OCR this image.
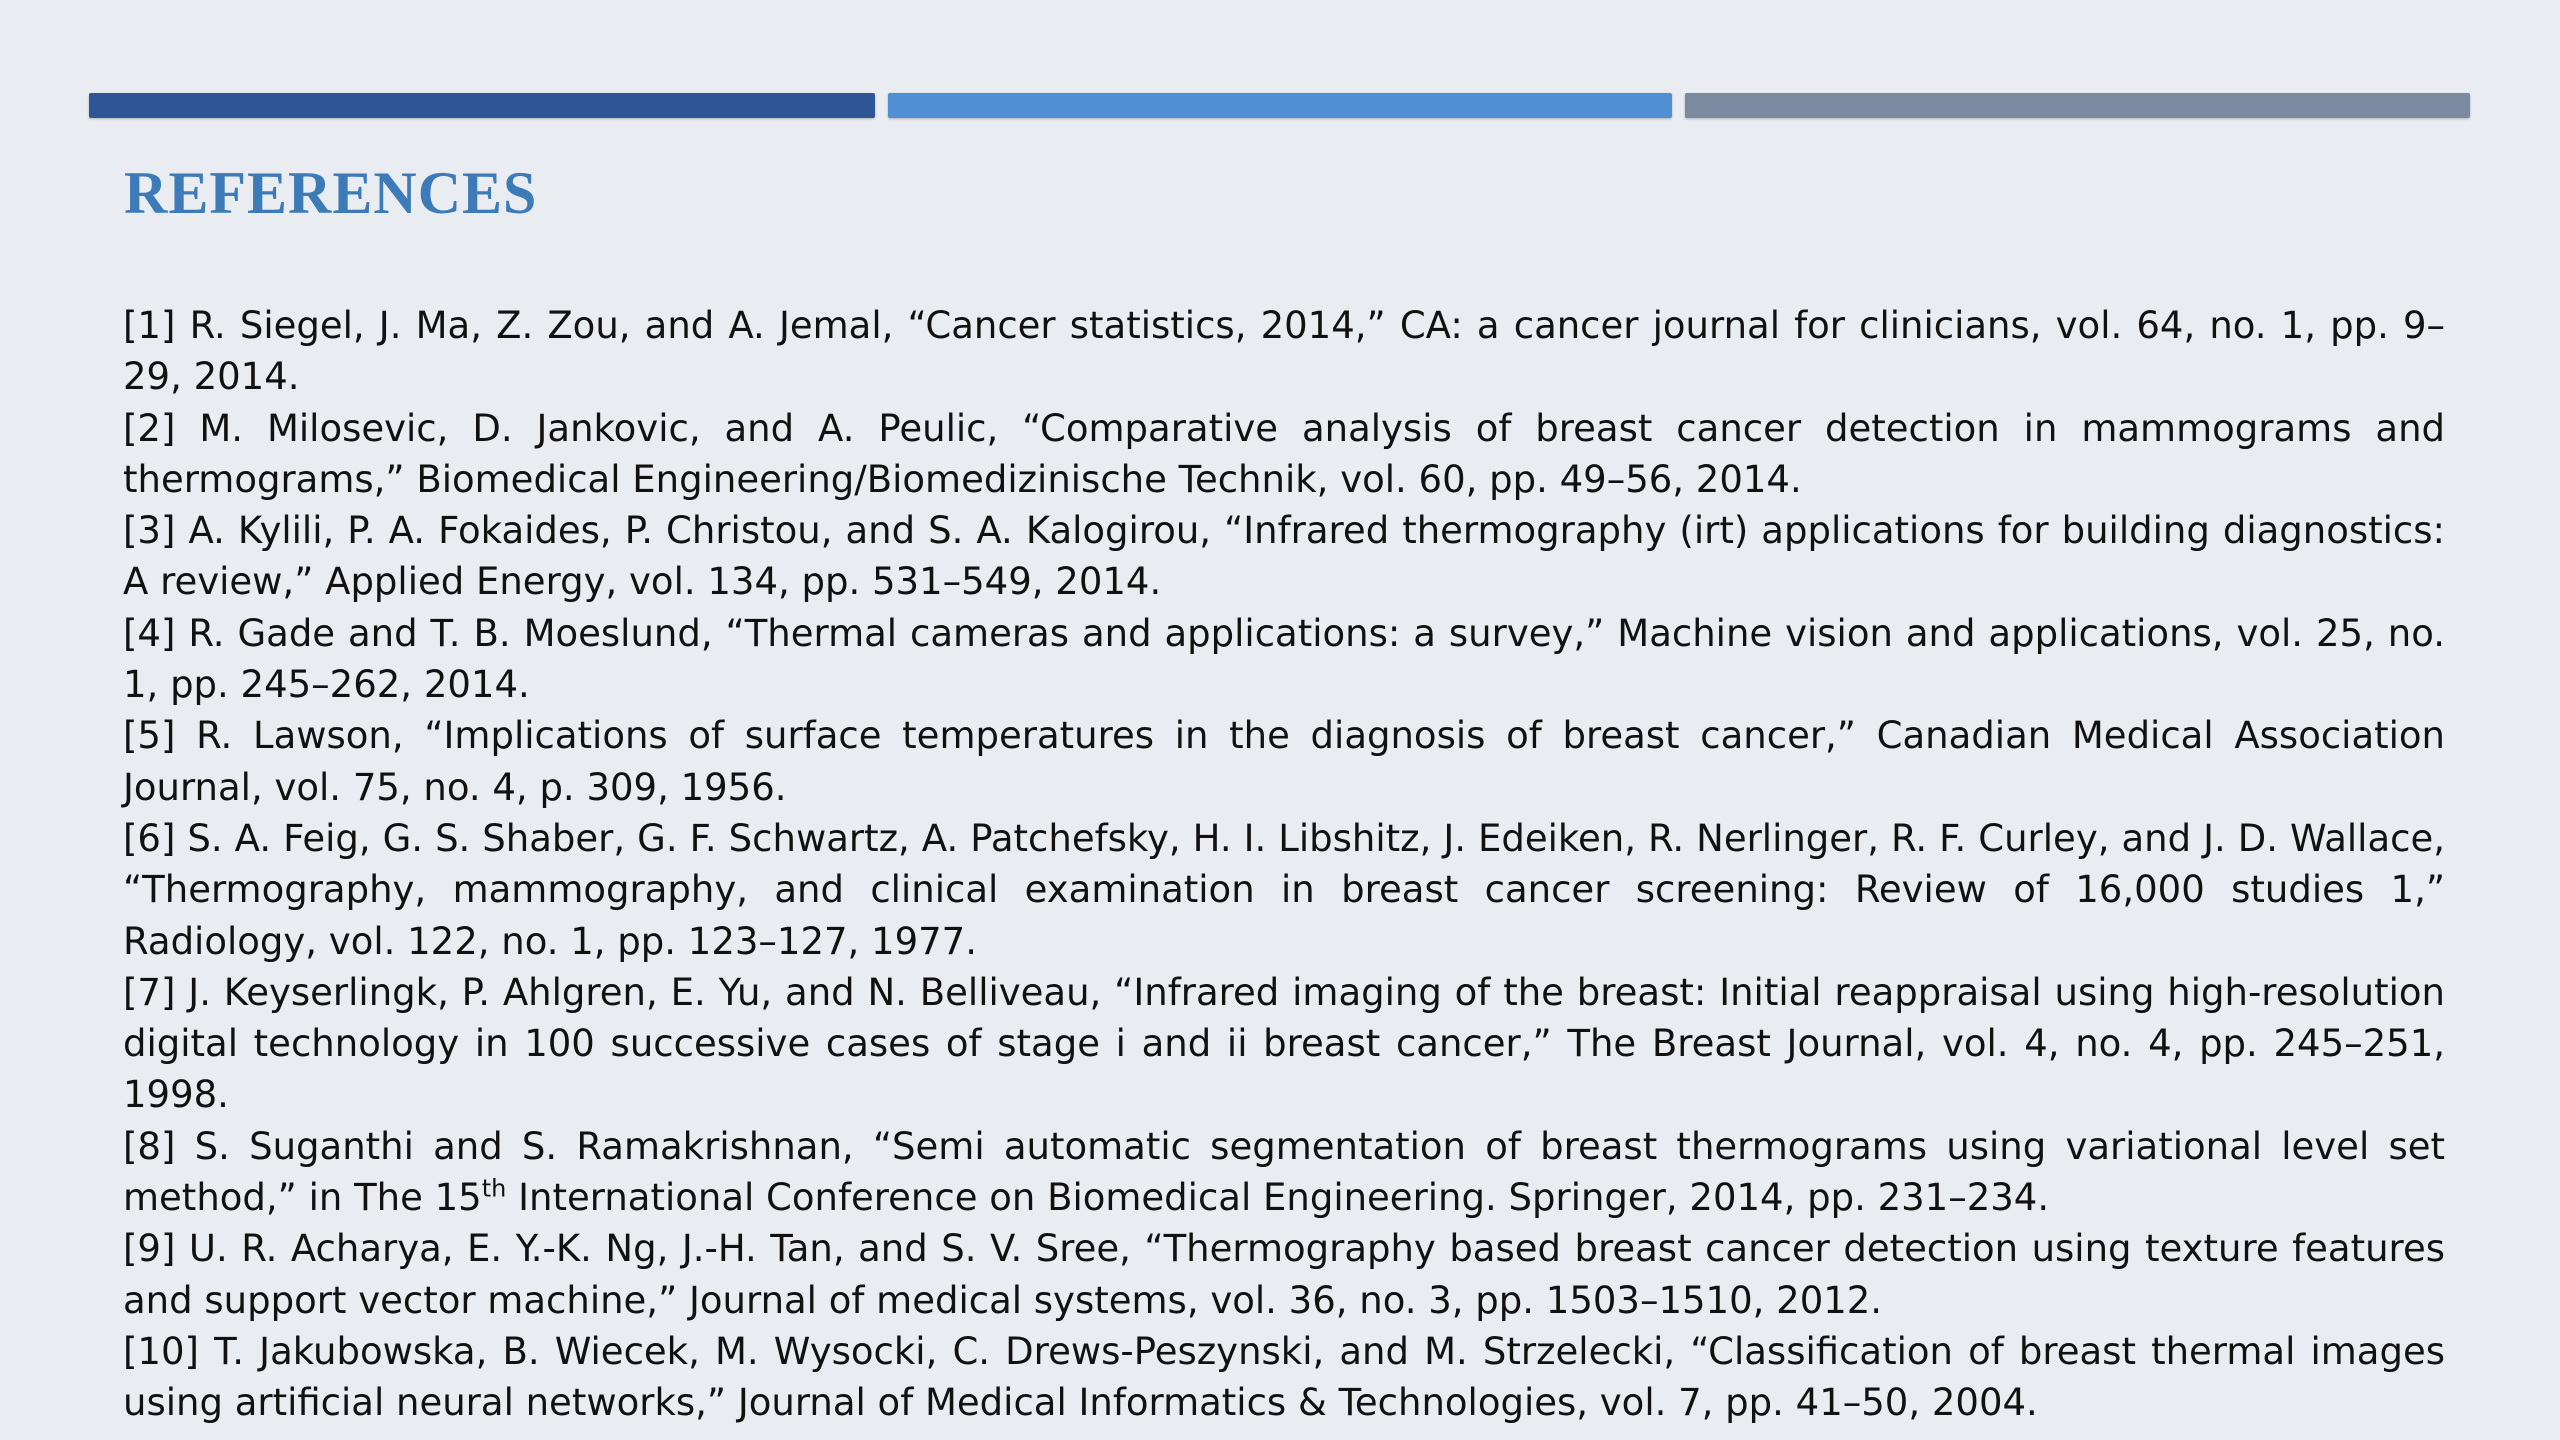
REFERENCES
[1] R. Siegel, J. Ma, Z. Zou, and A. Jemal, “Cancer statistics, 2014,” CA: a cancer journal for clinicians, vol. 64, no. 1, pp. 9–29, 2014.
[2] M. Milosevic, D. Jankovic, and A. Peulic, “Comparative analysis of breast cancer detection in mammograms and thermograms,” Biomedical Engineering/Biomedizinische Technik, vol. 60, pp. 49–56, 2014.
[3] A. Kylili, P. A. Fokaides, P. Christou, and S. A. Kalogirou, “Infrared thermography (irt) applications for building diagnostics: A review,” Applied Energy, vol. 134, pp. 531–549, 2014.
[4] R. Gade and T. B. Moeslund, “Thermal cameras and applications: a survey,” Machine vision and applications, vol. 25, no. 1, pp. 245–262, 2014.
[5] R. Lawson, “Implications of surface temperatures in the diagnosis of breast cancer,” Canadian Medical Association Journal, vol. 75, no. 4, p. 309, 1956.
[6] S. A. Feig, G. S. Shaber, G. F. Schwartz, A. Patchefsky, H. I. Libshitz, J. Edeiken, R. Nerlinger, R. F. Curley, and J. D. Wallace, “Thermography, mammography, and clinical examination in breast cancer screening: Review of 16,000 studies 1,” Radiology, vol. 122, no. 1, pp. 123–127, 1977.
[7] J. Keyserlingk, P. Ahlgren, E. Yu, and N. Belliveau, “Infrared imaging of the breast: Initial reappraisal using high-resolution digital technology in 100 successive cases of stage i and ii breast cancer,” The Breast Journal, vol. 4, no. 4, pp. 245–251, 1998.
[8] S. Suganthi and S. Ramakrishnan, “Semi automatic segmentation of breast thermograms using variational level set method,” in The 15th International Conference on Biomedical Engineering. Springer, 2014, pp. 231–234.
[9] U. R. Acharya, E. Y.-K. Ng, J.-H. Tan, and S. V. Sree, “Thermography based breast cancer detection using texture features and support vector machine,” Journal of medical systems, vol. 36, no. 3, pp. 1503–1510, 2012.
[10] T. Jakubowska, B. Wiecek, M. Wysocki, C. Drews-Peszynski, and M. Strzelecki, “Classification of breast thermal images using artificial neural networks,” Journal of Medical Informatics & Technologies, vol. 7, pp. 41–50, 2004.
